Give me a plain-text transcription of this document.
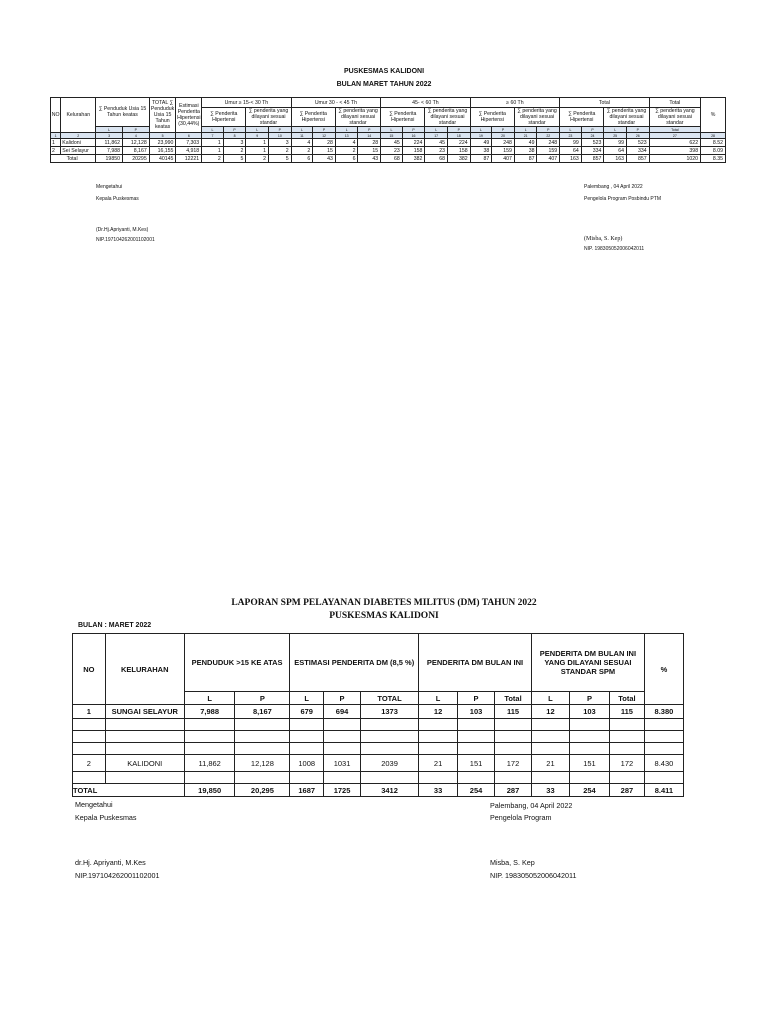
PUSKESMAS KALIDONI
BULAN MARET TAHUN 2022
NO	Kelurahan	∑ Penduduk Usia 15 Tahun keatas		TOTAL ∑ Penduduk Usia 15 Tahun keatas	Estimasi Penderita Hipertensi (30,44%)	Umur ≥ 15-< 30 Th				Umur 30 - < 45 Th				45- < 60 Th				≥ 60 Th				Total				Total	%
						∑ Penderita Hipertensi		∑ penderita yang dilayani sesuai standar		∑ Penderita Hipertensi		∑ penderita yang dilayani sesuai standar		∑ Penderita Hipertensi		∑ penderita yang dilayani sesuai standar		∑ Penderita Hipertensi		∑ penderita yang dilayani sesuai standar		∑ Penderita Hipertensi		∑ penderita yang dilayani sesuai standar		∑ penderita yang dilayani sesuai standar	
		L	P			L	P	L	P	L	P	L	P	L	P	L	P	L	P	L	P	L	P	L	P	Total	
1	2	3	4	5	6	7	8	9	10	11	12	13	14	15	16	17	18	19	20	21	22	23	24	25	26	27	28
1	Kalidoni	11,862	12,128	23,990	7,303	1	3	1	3	4	28	4	28	45	224	45	224	49	248	49	248	99	523	99	523	622	8.52
2	Sei Selayur	7,988	8,167	16,155	4,918	1	2	1	2	2	15	2	15	23	158	23	158	38	159	38	159	64	334	64	334	398	8.09
Total		19850	20295	40145	12221	2	5	2	5	6	43	6	43	68	382	68	382	87	407	87	407	163	857	163	857	1020	8.35
Mengetahui
Kepala Puskesmas
(Dr.Hj.Apriyanti, M.Kes)
NIP.197104262001102001
Palembang , 04 April 2022
Pengelola Program Posbindu PTM
(Misba, S. Kep)
NIP. 198305052006042011
LAPORAN SPM PELAYANAN DIABETES MILITUS (DM) TAHUN 2022
PUSKESMAS KALIDONI
BULAN : MARET 2022
NO	KELURAHAN	PENDUDUK >15 KE ATAS		ESTIMASI PENDERITA DM (8,5 %)			PENDERITA DM BULAN INI			PENDERITA DM BULAN INI YANG DILAYANI SESUAI STANDAR SPM			%
		L	P	L	P	TOTAL	L	P	Total	L	P	Total	
1	SUNGAI SELAYUR	7,988	8,167	679	694	1373	12	103	115	12	103	115	8.380

2	KALIDONI	11,862	12,128	1008	1031	2039	21	151	172	21	151	172	8.430

TOTAL		19,850	20,295	1687	1725	3412	33	254	287	33	254	287	8.411
Mengetahui
Kepala Puskesmas
dr.Hj. Apriyanti, M.Kes
NIP.197104262001102001
Palembang, 04 April 2022
Pengelola Program
Misba, S. Kep
NIP. 198305052006042011
